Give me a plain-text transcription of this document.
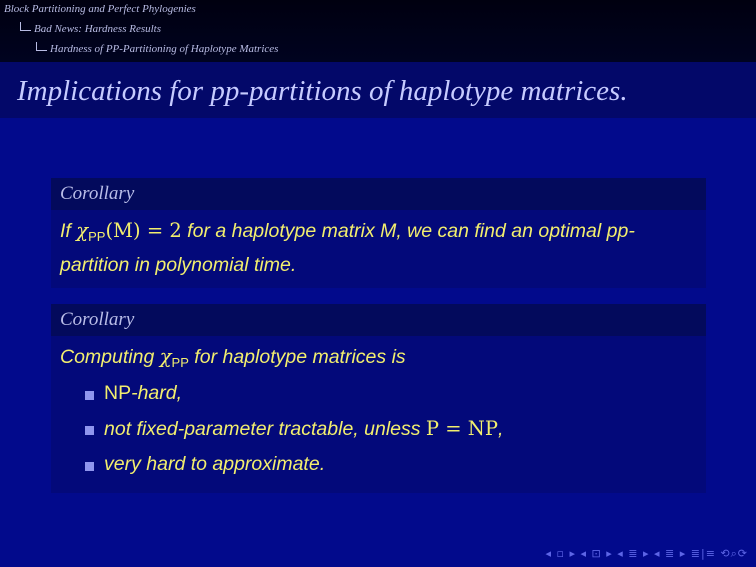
Block Partitioning and Perfect Phylogenies
Bad News: Hardness Results
Hardness of PP-Partitioning of Haplotype Matrices
Implications for pp-partitions of haplotype matrices.
Corollary
If $\chi_{PP}(M) = 2$ for a haplotype matrix M, we can find an optimal pp-partition in polynomial time.
Corollary
Computing $\chi_{PP}$ for haplotype matrices is
NP-hard,
not fixed-parameter tractable, unless P = NP,
very hard to approximate.
◂ ▫ ▸ ◂ ⊡ ▸ ◂ ≣ ▸ ◂ ≣ ▸ ≣|≡ ⟲⌕⟳
